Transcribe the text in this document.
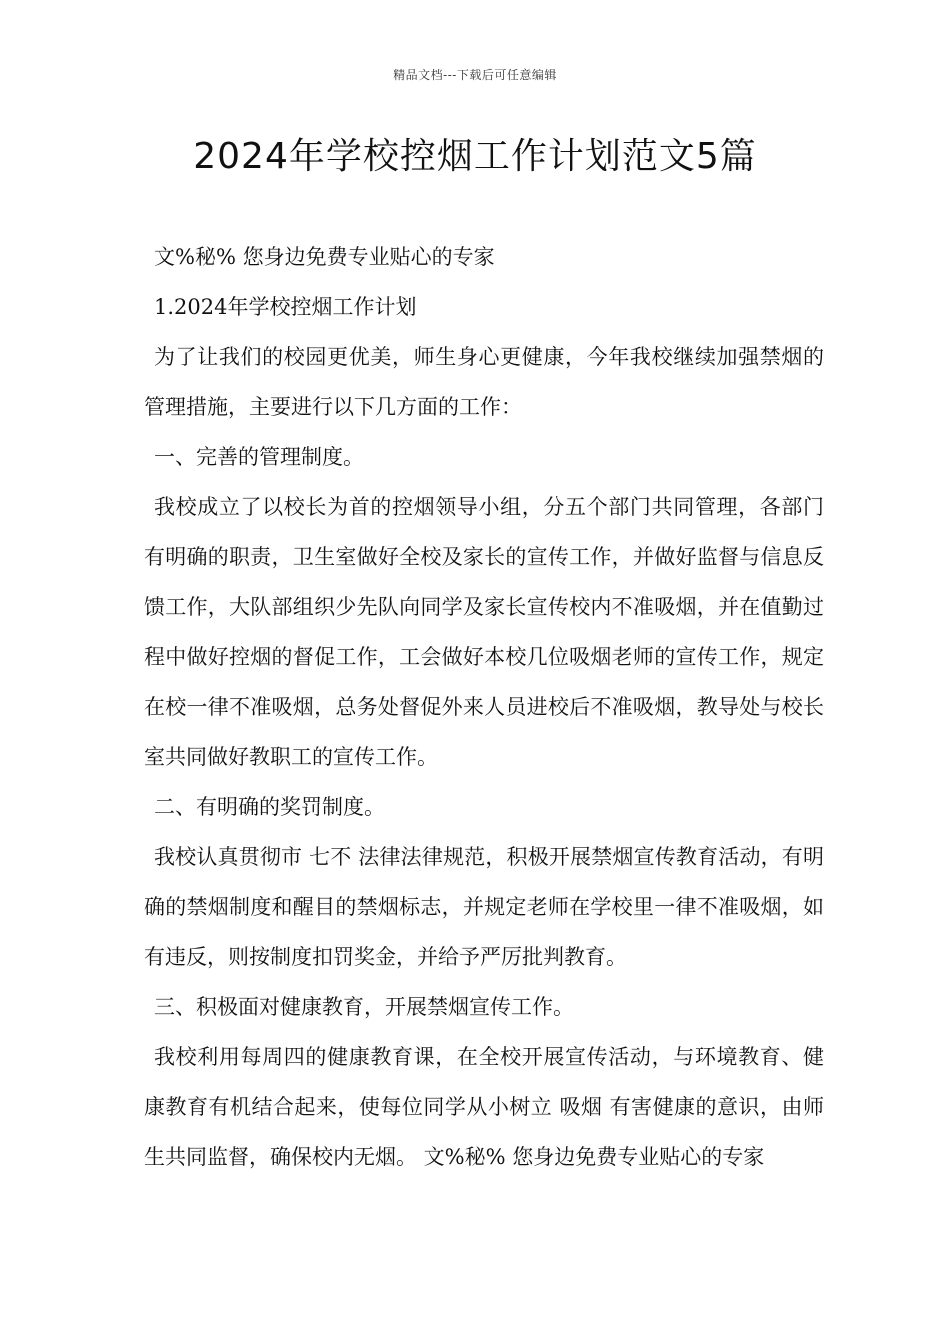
精品文档---下载后可任意编辑
2024年学校控烟工作计划范文5篇

文%秘% 您身边免费专业贴心的专家

1.2024年学校控烟工作计划

为了让我们的校园更优美，师生身心更健康，今年我校继续加强禁烟的管理措施，主要进行以下几方面的工作：

一、完善的管理制度。

我校成立了以校长为首的控烟领导小组，分五个部门共同管理，各部门有明确的职责，卫生室做好全校及家长的宣传工作，并做好监督与信息反馈工作，大队部组织少先队向同学及家长宣传校内不准吸烟，并在值勤过程中做好控烟的督促工作，工会做好本校几位吸烟老师的宣传工作，规定在校一律不准吸烟，总务处督促外来人员进校后不准吸烟，教导处与校长室共同做好教职工的宣传工作。

二、有明确的奖罚制度。

我校认真贯彻市 七不 法律法律规范，积极开展禁烟宣传教育活动，有明确的禁烟制度和醒目的禁烟标志，并规定老师在学校里一律不准吸烟，如有违反，则按制度扣罚奖金，并给予严厉批判教育。

三、积极面对健康教育，开展禁烟宣传工作。

我校利用每周四的健康教育课，在全校开展宣传活动，与环境教育、健康教育有机结合起来，使每位同学从小树立 吸烟 有害健康的意识，由师生共同监督，确保校内无烟。 文%秘% 您身边免费专业贴心的专家
